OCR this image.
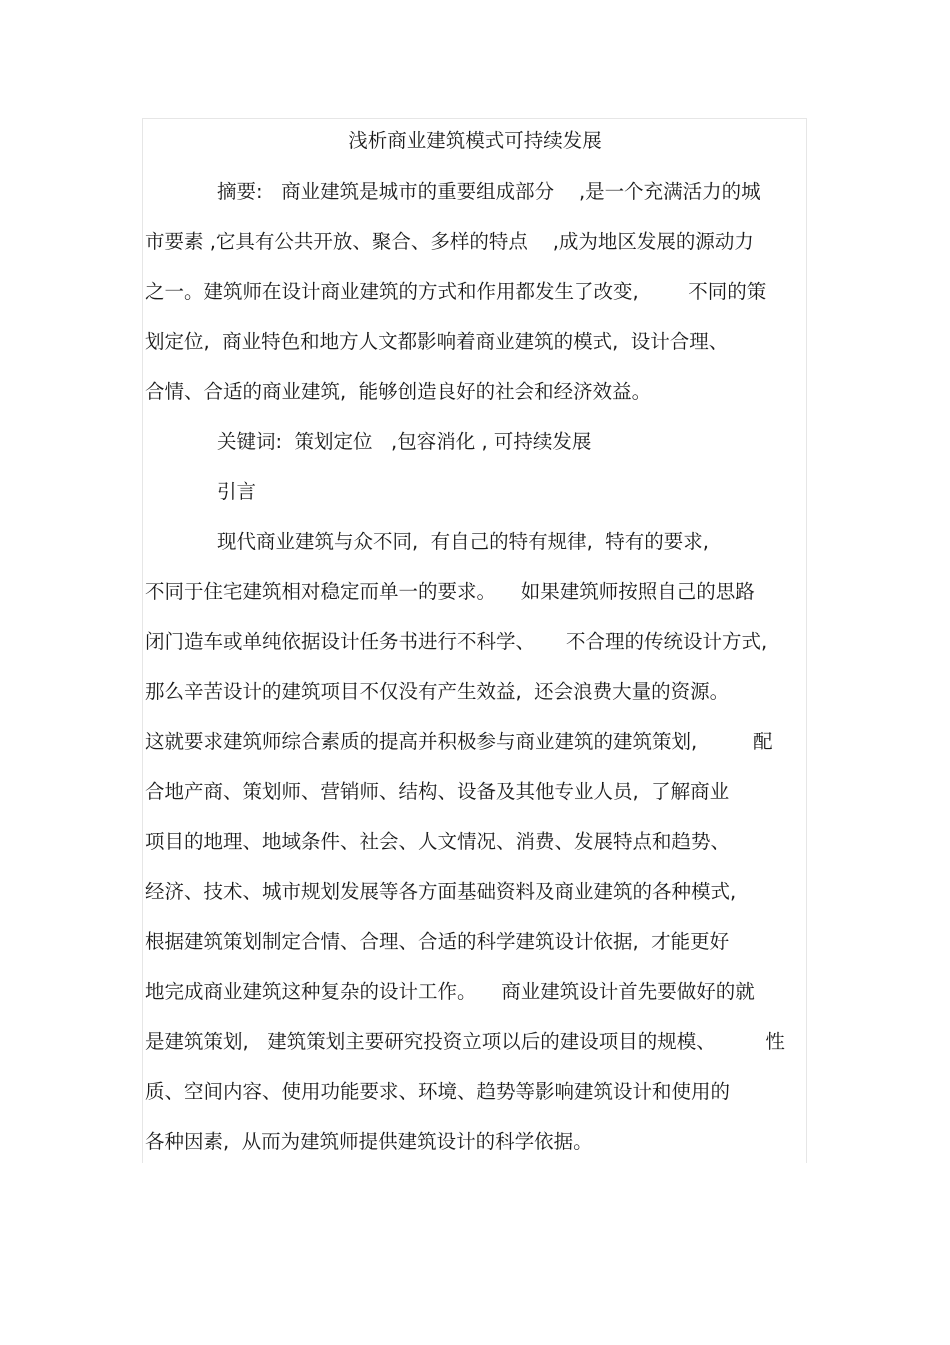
浅析商业建筑模式可持续发展
摘要:   商业建筑是城市的重要组成部分    ,是一个充满活力的城
市要素 ,它具有公共开放、聚合、多样的特点    ,成为地区发展的源动力
之一。建筑师在设计商业建筑的方式和作用都发生了改变,        不同的策
划定位,  商业特色和地方人文都影响着商业建筑的模式,  设计合理、
合情、合适的商业建筑,  能够创造良好的社会和经济效益。
关键词:  策划定位   ,包容消化 , 可持续发展
引言
现代商业建筑与众不同,  有自己的特有规律,  特有的要求,
不同于住宅建筑相对稳定而单一的要求。    如果建筑师按照自己的思路
闭门造车或单纯依据设计任务书进行不科学、     不合理的传统设计方式,
那么辛苦设计的建筑项目不仅没有产生效益,  还会浪费大量的资源。
这就要求建筑师综合素质的提高并积极参与商业建筑的建筑策划,         配
合地产商、策划师、营销师、结构、设备及其他专业人员,  了解商业
项目的地理、地域条件、社会、人文情况、消费、发展特点和趋势、
经济、技术、城市规划发展等各方面基础资料及商业建筑的各种模式,
根据建筑策划制定合情、合理、合适的科学建筑设计依据,  才能更好
地完成商业建筑这种复杂的设计工作。    商业建筑设计首先要做好的就
是建筑策划,   建筑策划主要研究投资立项以后的建设项目的规模、        性
质、空间内容、使用功能要求、环境、趋势等影响建筑设计和使用的
各种因素,  从而为建筑师提供建筑设计的科学依据。
